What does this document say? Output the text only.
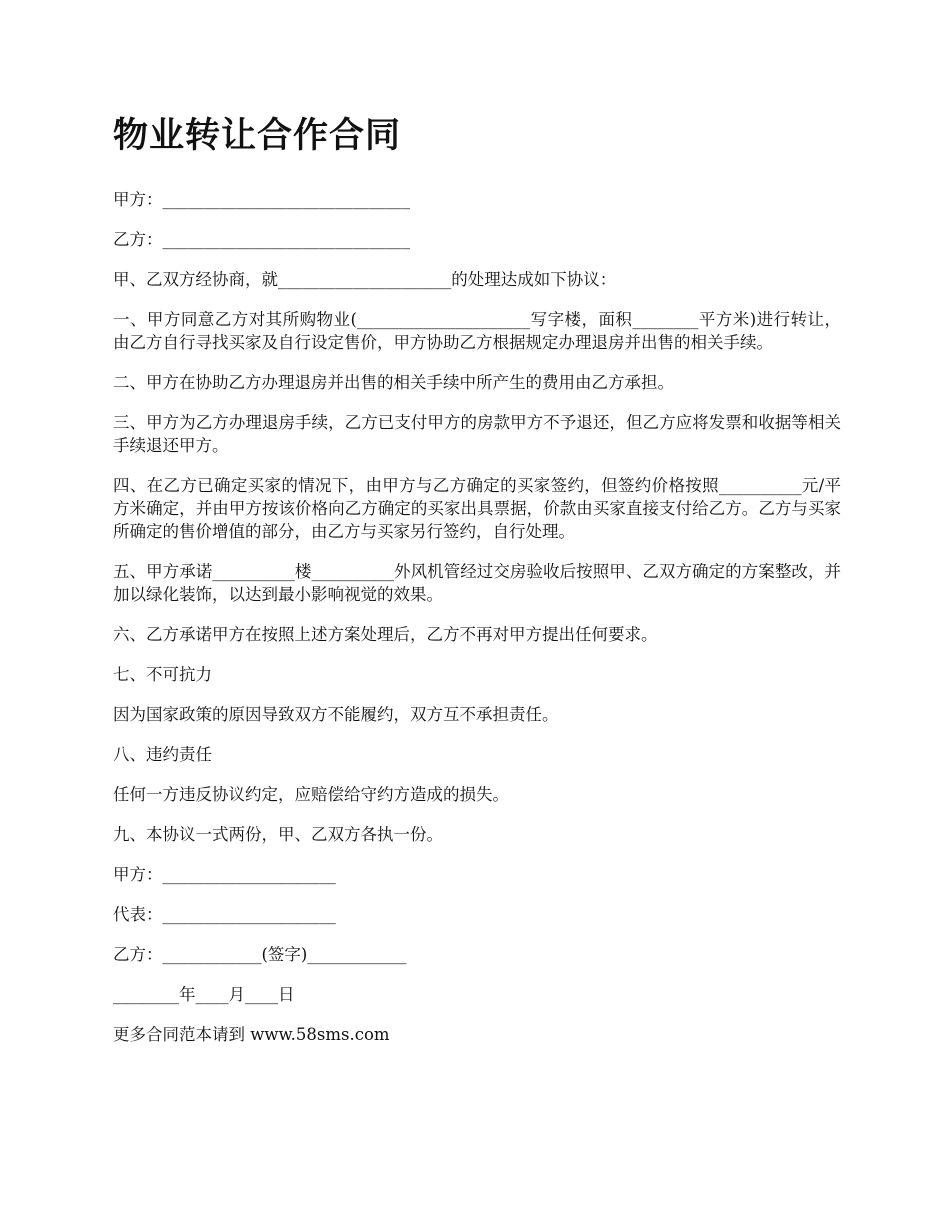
物业转让合作合同

甲方：______________________________

乙方：______________________________

甲、乙双方经协商，就_____________________的处理达成如下协议：

一、甲方同意乙方对其所购物业(_____________________写字楼，面积________平方米)进行转让，由乙方自行寻找买家及自行设定售价，甲方协助乙方根据规定办理退房并出售的相关手续。

二、甲方在协助乙方办理退房并出售的相关手续中所产生的费用由乙方承担。

三、甲方为乙方办理退房手续，乙方已支付甲方的房款甲方不予退还，但乙方应将发票和收据等相关手续退还甲方。

四、在乙方已确定买家的情况下，由甲方与乙方确定的买家签约，但签约价格按照__________元/平方米确定，并由甲方按该价格向乙方确定的买家出具票据，价款由买家直接支付给乙方。乙方与买家所确定的售价增值的部分，由乙方与买家另行签约，自行处理。

五、甲方承诺__________楼__________外风机管经过交房验收后按照甲、乙双方确定的方案整改，并加以绿化装饰，以达到最小影响视觉的效果。

六、乙方承诺甲方在按照上述方案处理后，乙方不再对甲方提出任何要求。

七、不可抗力

因为国家政策的原因导致双方不能履约，双方互不承担责任。

八、违约责任

任何一方违反协议约定，应赔偿给守约方造成的损失。

九、本协议一式两份，甲、乙双方各执一份。

甲方：_____________________

代表：_____________________

乙方：____________(签字)____________

________年____月____日

更多合同范本请到 www.58sms.com
